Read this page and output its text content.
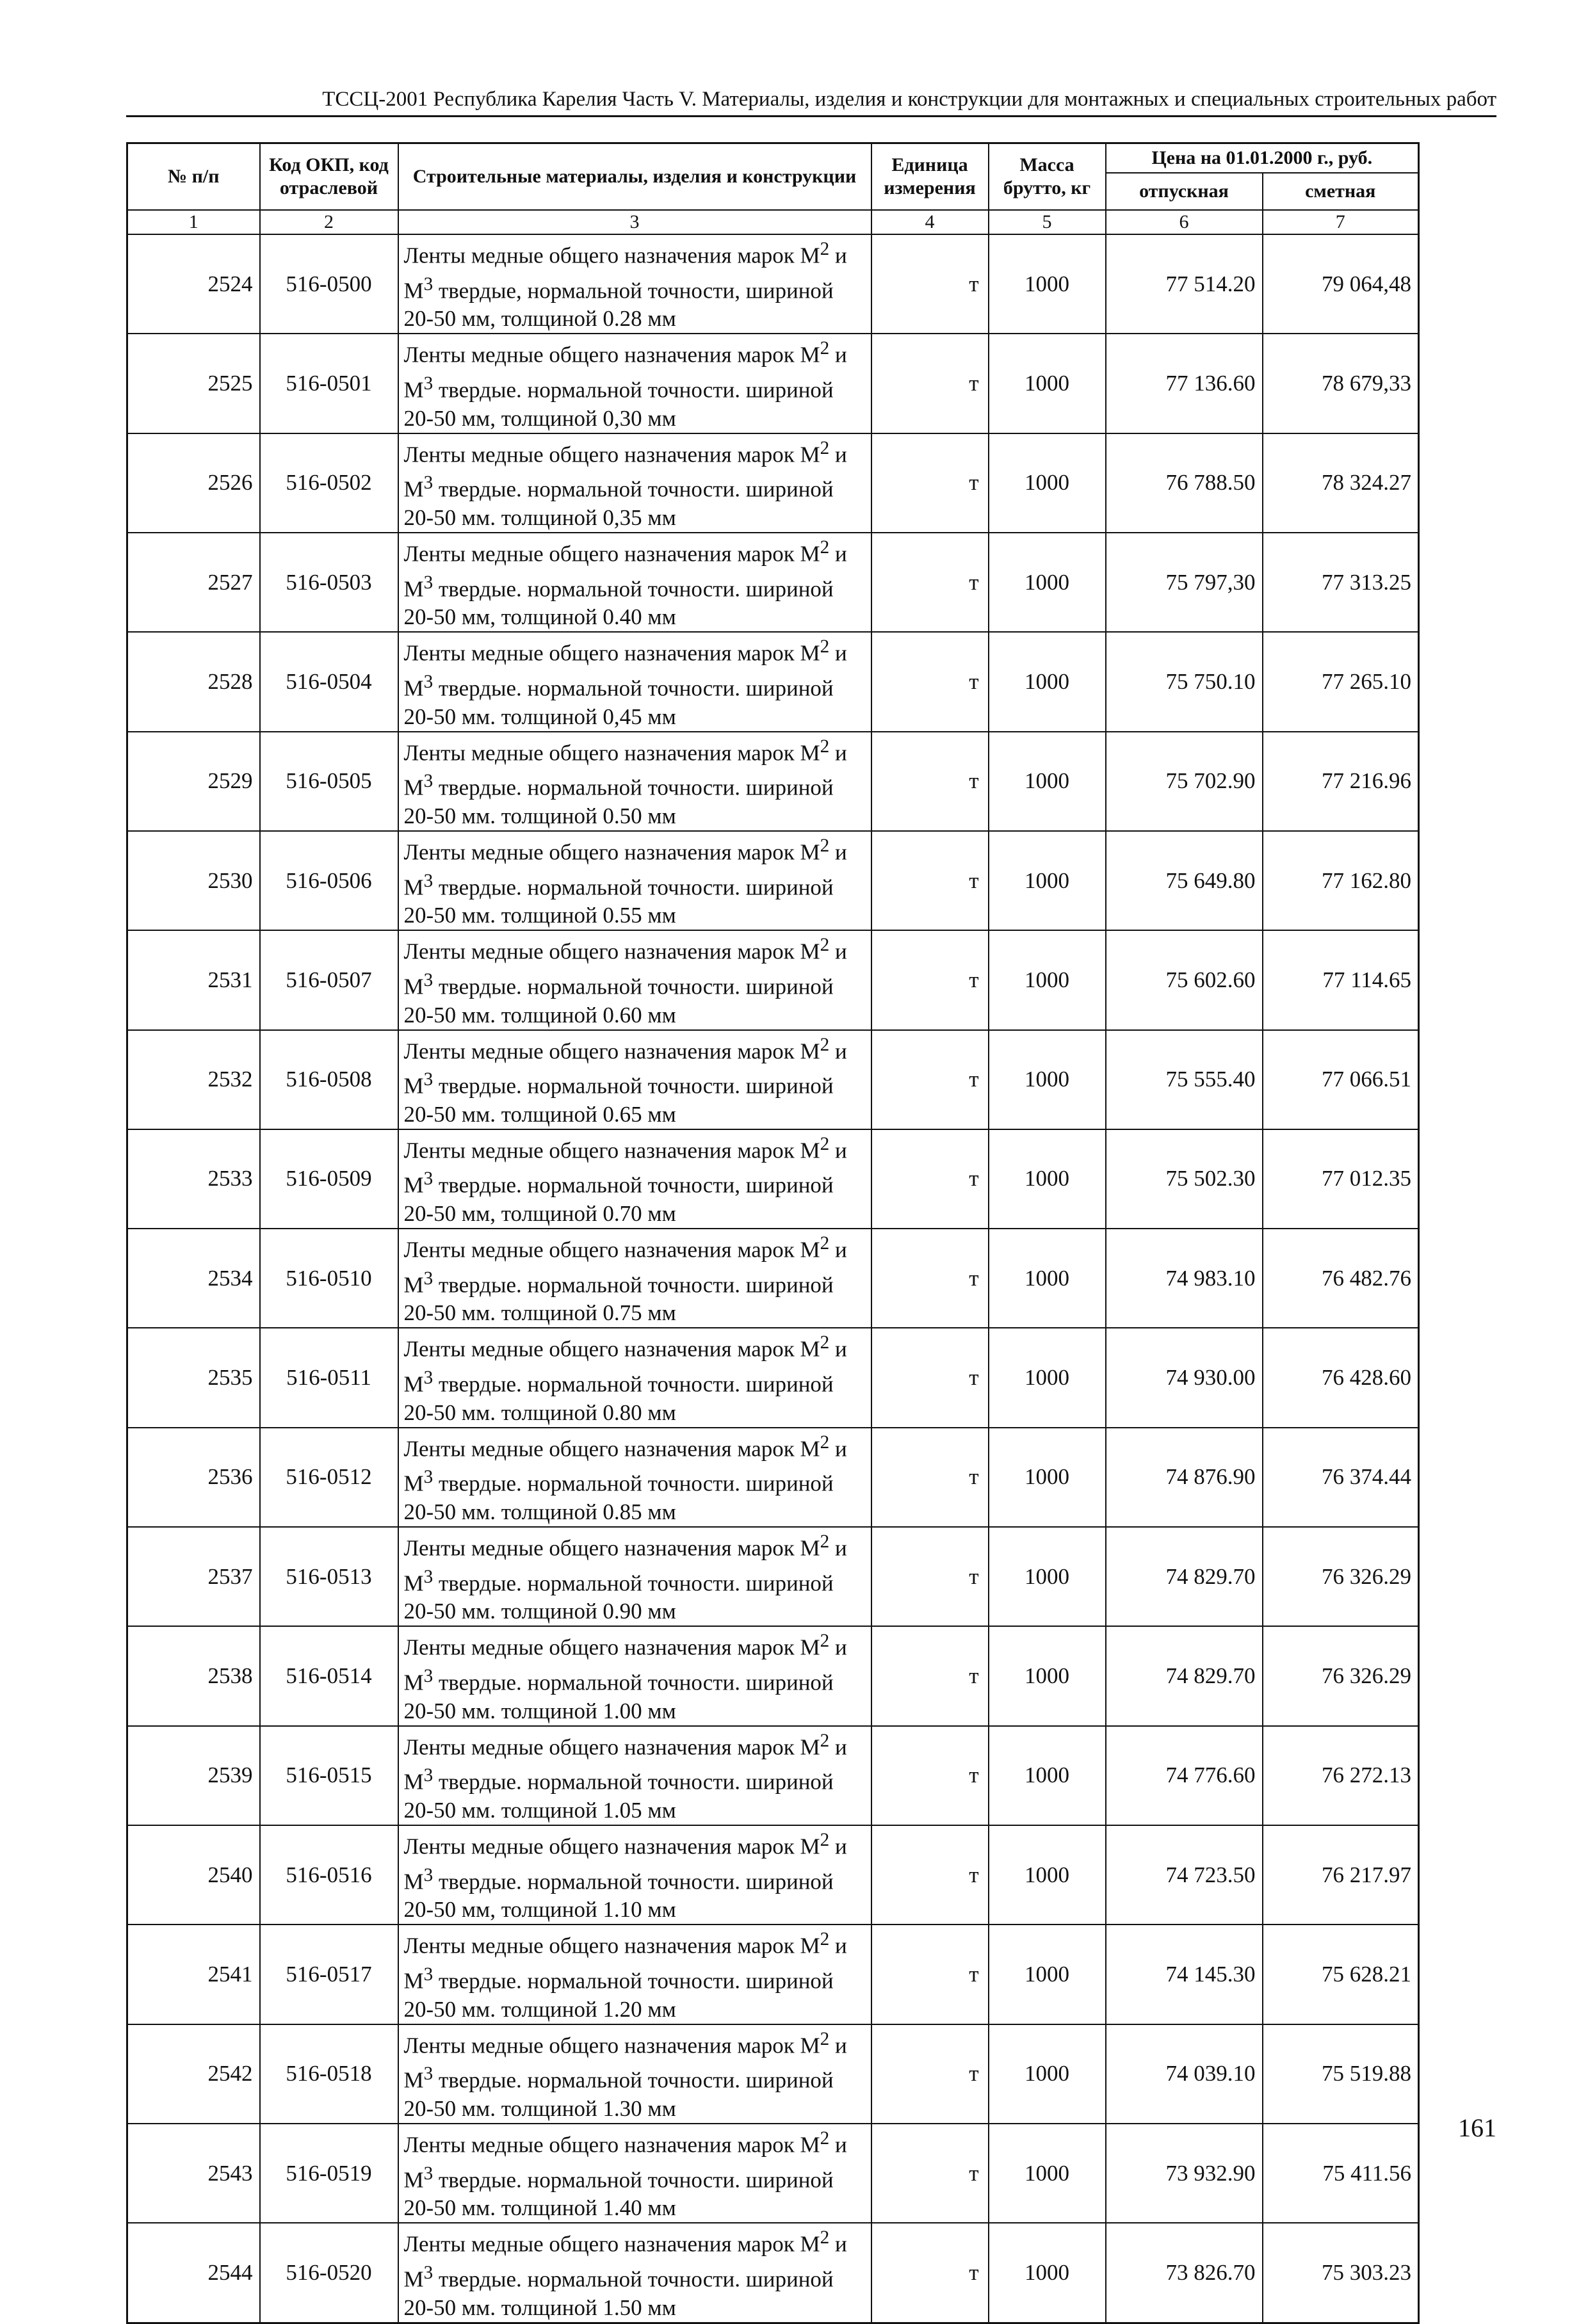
ТССЦ-2001 Республика Карелия Часть V. Материалы, изделия и конструкции для монтажных и специальных строительных работ
№ п/п	Код ОКП, код отраслевой	Строительные материалы, изделия и конструкции	Единица измерения	Масса брутто, кг	Цена на 01.01.2000 г., руб.	
					отпускная	сметная
1	2	3	4	5	6	7
2524	516-0500	Ленты медные общего назначения марок $М^2$ и $М^3$ твердые, нормальной точности, шириной 20-50 мм, толщиной 0.28 мм	т	1000	77 514.20	79 064,48
2525	516-0501	Ленты медные общего назначения марок $М^2$ и $М^3$ твердые. нормальной точности. шириной 20-50 мм, толщиной 0,30 мм	т	1000	77 136.60	78 679,33
2526	516-0502	Ленты медные общего назначения марок $М^2$ и $М^3$ твердые. нормальной точности. шириной 20-50 мм. толщиной 0,35 мм	т	1000	76 788.50	78 324.27
2527	516-0503	Ленты медные общего назначения марок $М^2$ и $М^3$ твердые. нормальной точности. шириной 20-50 мм, толщиной 0.40 мм	т	1000	75 797,30	77 313.25
2528	516-0504	Ленты медные общего назначения марок $М^2$ и $М^3$ твердые. нормальной точности. шириной 20-50 мм. толщиной 0,45 мм	т	1000	75 750.10	77 265.10
2529	516-0505	Ленты медные общего назначения марок $М^2$ и $М^3$ твердые. нормальной точности. шириной 20-50 мм. толщиной 0.50 мм	т	1000	75 702.90	77 216.96
2530	516-0506	Ленты медные общего назначения марок $М^2$ и $М^3$ твердые. нормальной точности. шириной 20-50 мм. толщиной 0.55 мм	т	1000	75 649.80	77 162.80
2531	516-0507	Ленты медные общего назначения марок $М^2$ и $М^3$ твердые. нормальной точности. шириной 20-50 мм. толщиной 0.60 мм	т	1000	75 602.60	77 114.65
2532	516-0508	Ленты медные общего назначения марок $М^2$ и $М^3$ твердые. нормальной точности. шириной 20-50 мм. толщиной 0.65 мм	т	1000	75 555.40	77 066.51
2533	516-0509	Ленты медные общего назначения марок $М^2$ и $М^3$ твердые. нормальной точности, шириной 20-50 мм, толщиной 0.70 мм	т	1000	75 502.30	77 012.35
2534	516-0510	Ленты медные общего назначения марок $М^2$ и $М^3$ твердые. нормальной точности. шириной 20-50 мм. толщиной 0.75 мм	т	1000	74 983.10	76 482.76
2535	516-0511	Ленты медные общего назначения марок $М^2$ и $М^3$ твердые. нормальной точности. шириной 20-50 мм. толщиной 0.80 мм	т	1000	74 930.00	76 428.60
2536	516-0512	Ленты медные общего назначения марок $М^2$ и $М^3$ твердые. нормальной точности. шириной 20-50 мм. толщиной 0.85 мм	т	1000	74 876.90	76 374.44
2537	516-0513	Ленты медные общего назначения марок $М^2$ и $М^3$ твердые. нормальной точности. шириной 20-50 мм. толщиной 0.90 мм	т	1000	74 829.70	76 326.29
2538	516-0514	Ленты медные общего назначения марок $М^2$ и $М^3$ твердые. нормальной точности. шириной 20-50 мм. толщиной 1.00 мм	т	1000	74 829.70	76 326.29
2539	516-0515	Ленты медные общего назначения марок $М^2$ и $М^3$ твердые. нормальной точности. шириной 20-50 мм. толщиной 1.05 мм	т	1000	74 776.60	76 272.13
2540	516-0516	Ленты медные общего назначения марок $М^2$ и $М^3$ твердые. нормальной точности. шириной 20-50 мм, толщиной 1.10 мм	т	1000	74 723.50	76 217.97
2541	516-0517	Ленты медные общего назначения марок $М^2$ и $М^3$ твердые. нормальной точности. шириной 20-50 мм. толщиной 1.20 мм	т	1000	74 145.30	75 628.21
2542	516-0518	Ленты медные общего назначения марок $М^2$ и $М^3$ твердые. нормальной точности. шириной 20-50 мм. толщиной 1.30 мм	т	1000	74 039.10	75 519.88
2543	516-0519	Ленты медные общего назначения марок $М^2$ и $М^3$ твердые. нормальной точности. шириной 20-50 мм. толщиной 1.40 мм	т	1000	73 932.90	75 411.56
2544	516-0520	Ленты медные общего назначения марок $М^2$ и $М^3$ твердые. нормальной точности. шириной 20-50 мм. толщиной 1.50 мм	т	1000	73 826.70	75 303.23
161
